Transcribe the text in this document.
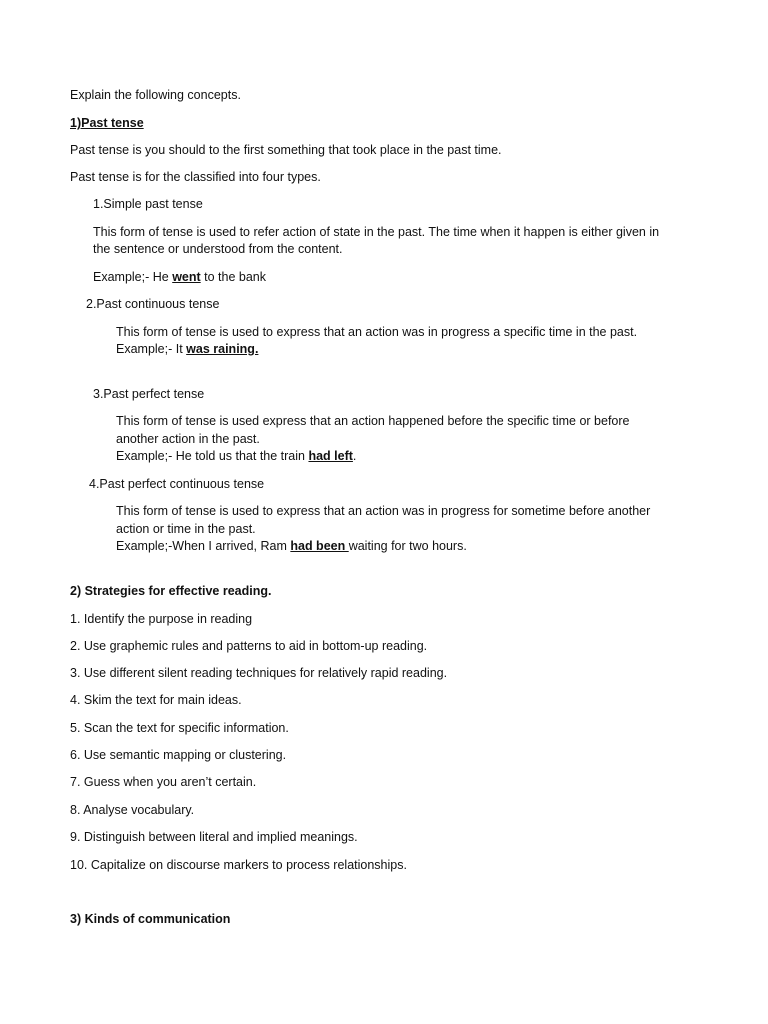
Explain the following concepts.
1)Past tense
Past tense is you should to the first something that took place in the past time.
Past tense is for the classified into four types.
1.Simple past tense
This form of tense is used to refer action of state in the past. The time when it happen is either given in
the sentence or understood from the content.
Example;- He went to the bank
2.Past continuous tense
This form of tense is used to express that an action was in progress a specific time in the past.
Example;- It was raining.
3.Past perfect tense
This form of tense is used express that an action happened before the specific time or before
another action in the past.
Example;- He told us that the train had left.
4.Past perfect continuous tense
This form of tense is used to express that an action was in progress for sometime before another
action or time in the past.
Example;-When I arrived, Ram had been waiting for two hours.
2) Strategies for effective reading.
1. Identify the purpose in reading
2. Use graphemic rules and patterns to aid in bottom-up reading.
3. Use different silent reading techniques for relatively rapid reading.
4. Skim the text for main ideas.
5. Scan the text for specific information.
6. Use semantic mapping or clustering.
7. Guess when you aren’t certain.
8. Analyse vocabulary.
9. Distinguish between literal and implied meanings.
10. Capitalize on discourse markers to process relationships.
3) Kinds of communication
